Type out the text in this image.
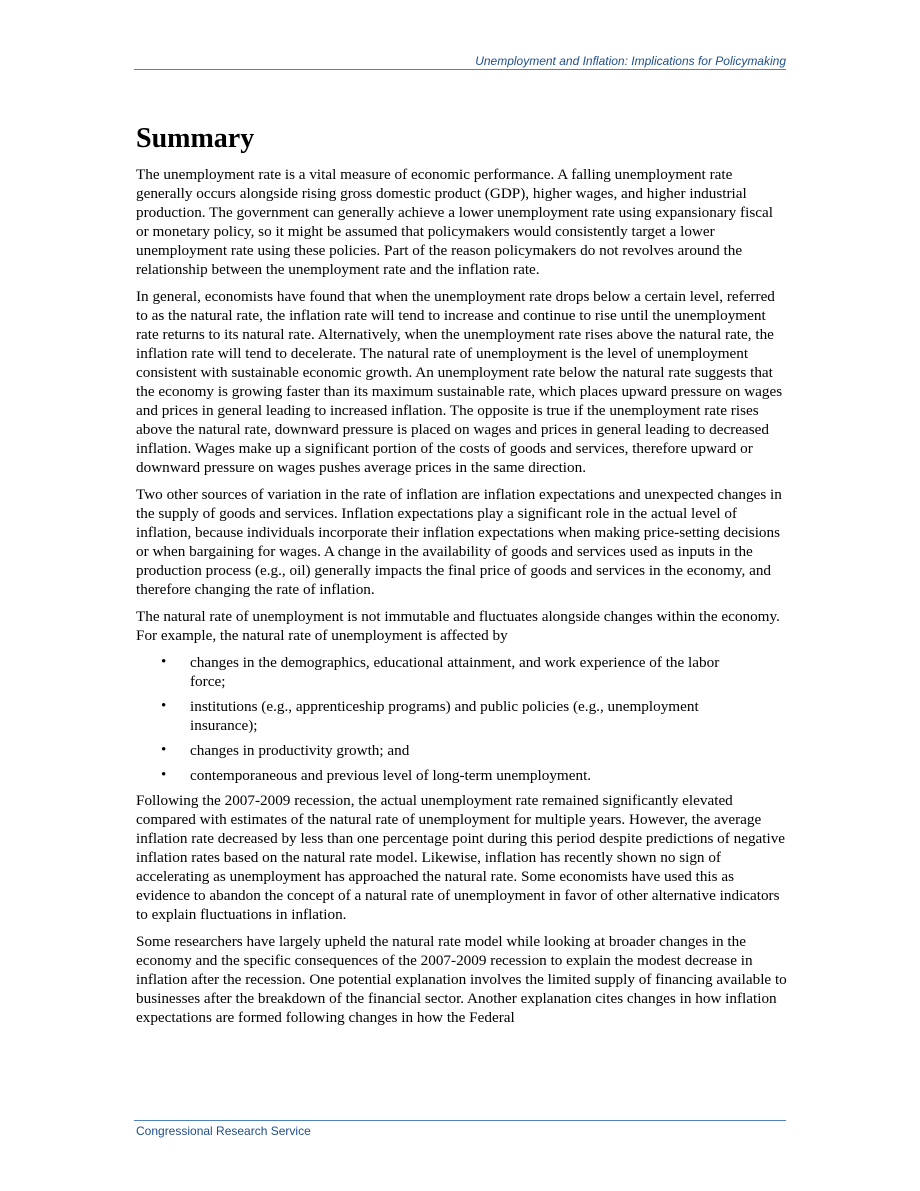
Unemployment and Inflation: Implications for Policymaking
Summary

The unemployment rate is a vital measure of economic performance. A falling unemployment rate generally occurs alongside rising gross domestic product (GDP), higher wages, and higher industrial production. The government can generally achieve a lower unemployment rate using expansionary fiscal or monetary policy, so it might be assumed that policymakers would consistently target a lower unemployment rate using these policies. Part of the reason policymakers do not revolves around the relationship between the unemployment rate and the inflation rate.

In general, economists have found that when the unemployment rate drops below a certain level, referred to as the natural rate, the inflation rate will tend to increase and continue to rise until the unemployment rate returns to its natural rate. Alternatively, when the unemployment rate rises above the natural rate, the inflation rate will tend to decelerate. The natural rate of unemployment is the level of unemployment consistent with sustainable economic growth. An unemployment rate below the natural rate suggests that the economy is growing faster than its maximum sustainable rate, which places upward pressure on wages and prices in general leading to increased inflation. The opposite is true if the unemployment rate rises above the natural rate, downward pressure is placed on wages and prices in general leading to decreased inflation. Wages make up a significant portion of the costs of goods and services, therefore upward or downward pressure on wages pushes average prices in the same direction.

Two other sources of variation in the rate of inflation are inflation expectations and unexpected changes in the supply of goods and services. Inflation expectations play a significant role in the actual level of inflation, because individuals incorporate their inflation expectations when making price-setting decisions or when bargaining for wages. A change in the availability of goods and services used as inputs in the production process (e.g., oil) generally impacts the final price of goods and services in the economy, and therefore changing the rate of inflation.

The natural rate of unemployment is not immutable and fluctuates alongside changes within the economy. For example, the natural rate of unemployment is affected by

• changes in the demographics, educational attainment, and work experience of the labor force;
• institutions (e.g., apprenticeship programs) and public policies (e.g., unemployment insurance);
• changes in productivity growth; and
• contemporaneous and previous level of long-term unemployment.

Following the 2007-2009 recession, the actual unemployment rate remained significantly elevated compared with estimates of the natural rate of unemployment for multiple years. However, the average inflation rate decreased by less than one percentage point during this period despite predictions of negative inflation rates based on the natural rate model. Likewise, inflation has recently shown no sign of accelerating as unemployment has approached the natural rate. Some economists have used this as evidence to abandon the concept of a natural rate of unemployment in favor of other alternative indicators to explain fluctuations in inflation.

Some researchers have largely upheld the natural rate model while looking at broader changes in the economy and the specific consequences of the 2007-2009 recession to explain the modest decrease in inflation after the recession. One potential explanation involves the limited supply of financing available to businesses after the breakdown of the financial sector. Another explanation cites changes in how inflation expectations are formed following changes in how the Federal

Congressional Research Service
